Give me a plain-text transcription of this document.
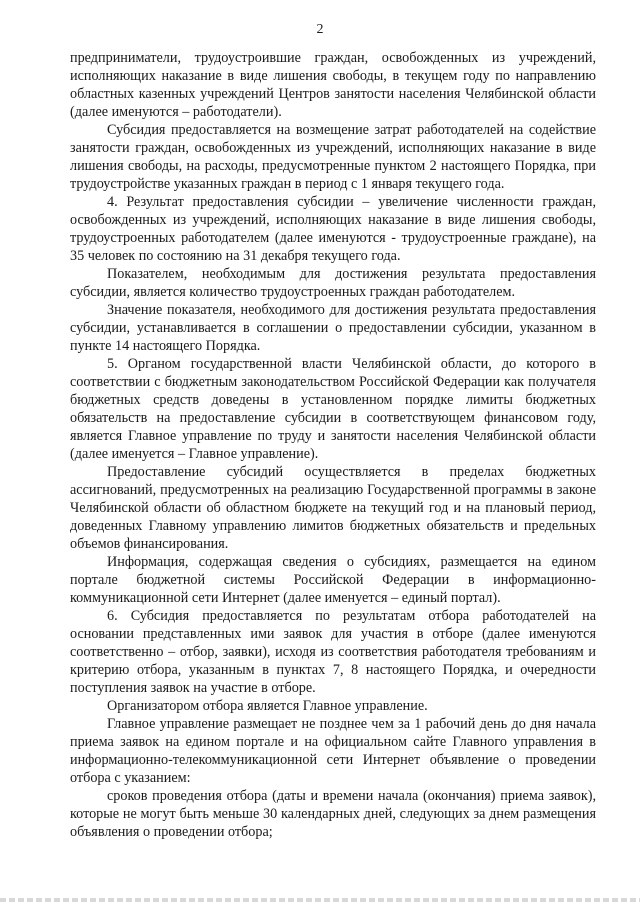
2

предприниматели, трудоустроившие граждан, освобожденных из учреждений, исполняющих наказание в виде лишения свободы, в текущем году по направлению областных казенных учреждений Центров занятости населения Челябинской области (далее именуются – работодатели).

Субсидия предоставляется на возмещение затрат работодателей на содействие занятости граждан, освобожденных из учреждений, исполняющих наказание в виде лишения свободы, на расходы, предусмотренные пунктом 2 настоящего Порядка, при трудоустройстве указанных граждан в период с 1 января текущего года.

4. Результат предоставления субсидии – увеличение численности граждан, освобожденных из учреждений, исполняющих наказание в виде лишения свободы, трудоустроенных работодателем (далее именуются - трудоустроенные граждане), на 35 человек по состоянию на 31 декабря текущего года.

Показателем, необходимым для достижения результата предоставления субсидии, является количество трудоустроенных граждан работодателем.

Значение показателя, необходимого для достижения результата предоставления субсидии, устанавливается в соглашении о предоставлении субсидии, указанном в пункте 14 настоящего Порядка.

5. Органом государственной власти Челябинской области, до которого в соответствии с бюджетным законодательством Российской Федерации как получателя бюджетных средств доведены в установленном порядке лимиты бюджетных обязательств на предоставление субсидии в соответствующем финансовом году, является Главное управление по труду и занятости населения Челябинской области (далее именуется – Главное управление).

Предоставление субсидий осуществляется в пределах бюджетных ассигнований, предусмотренных на реализацию Государственной программы в законе Челябинской области об областном бюджете на текущий год и на плановый период, доведенных Главному управлению лимитов бюджетных обязательств и предельных объемов финансирования.

Информация, содержащая сведения о субсидиях, размещается на едином портале бюджетной системы Российской Федерации в информационно-коммуникационной сети Интернет (далее именуется – единый портал).

6. Субсидия предоставляется по результатам отбора работодателей на основании представленных ими заявок для участия в отборе (далее именуются соответственно – отбор, заявки), исходя из соответствия работодателя требованиям и критерию отбора, указанным в пунктах 7, 8 настоящего Порядка, и очередности поступления заявок на участие в отборе.

Организатором отбора является Главное управление.

Главное управление размещает не позднее чем за 1 рабочий день до дня начала приема заявок на едином портале и на официальном сайте Главного управления в информационно-телекоммуникационной сети Интернет объявление о проведении отбора с указанием:

сроков проведения отбора (даты и времени начала (окончания) приема заявок), которые не могут быть меньше 30 календарных дней, следующих за днем размещения объявления о проведении отбора;
